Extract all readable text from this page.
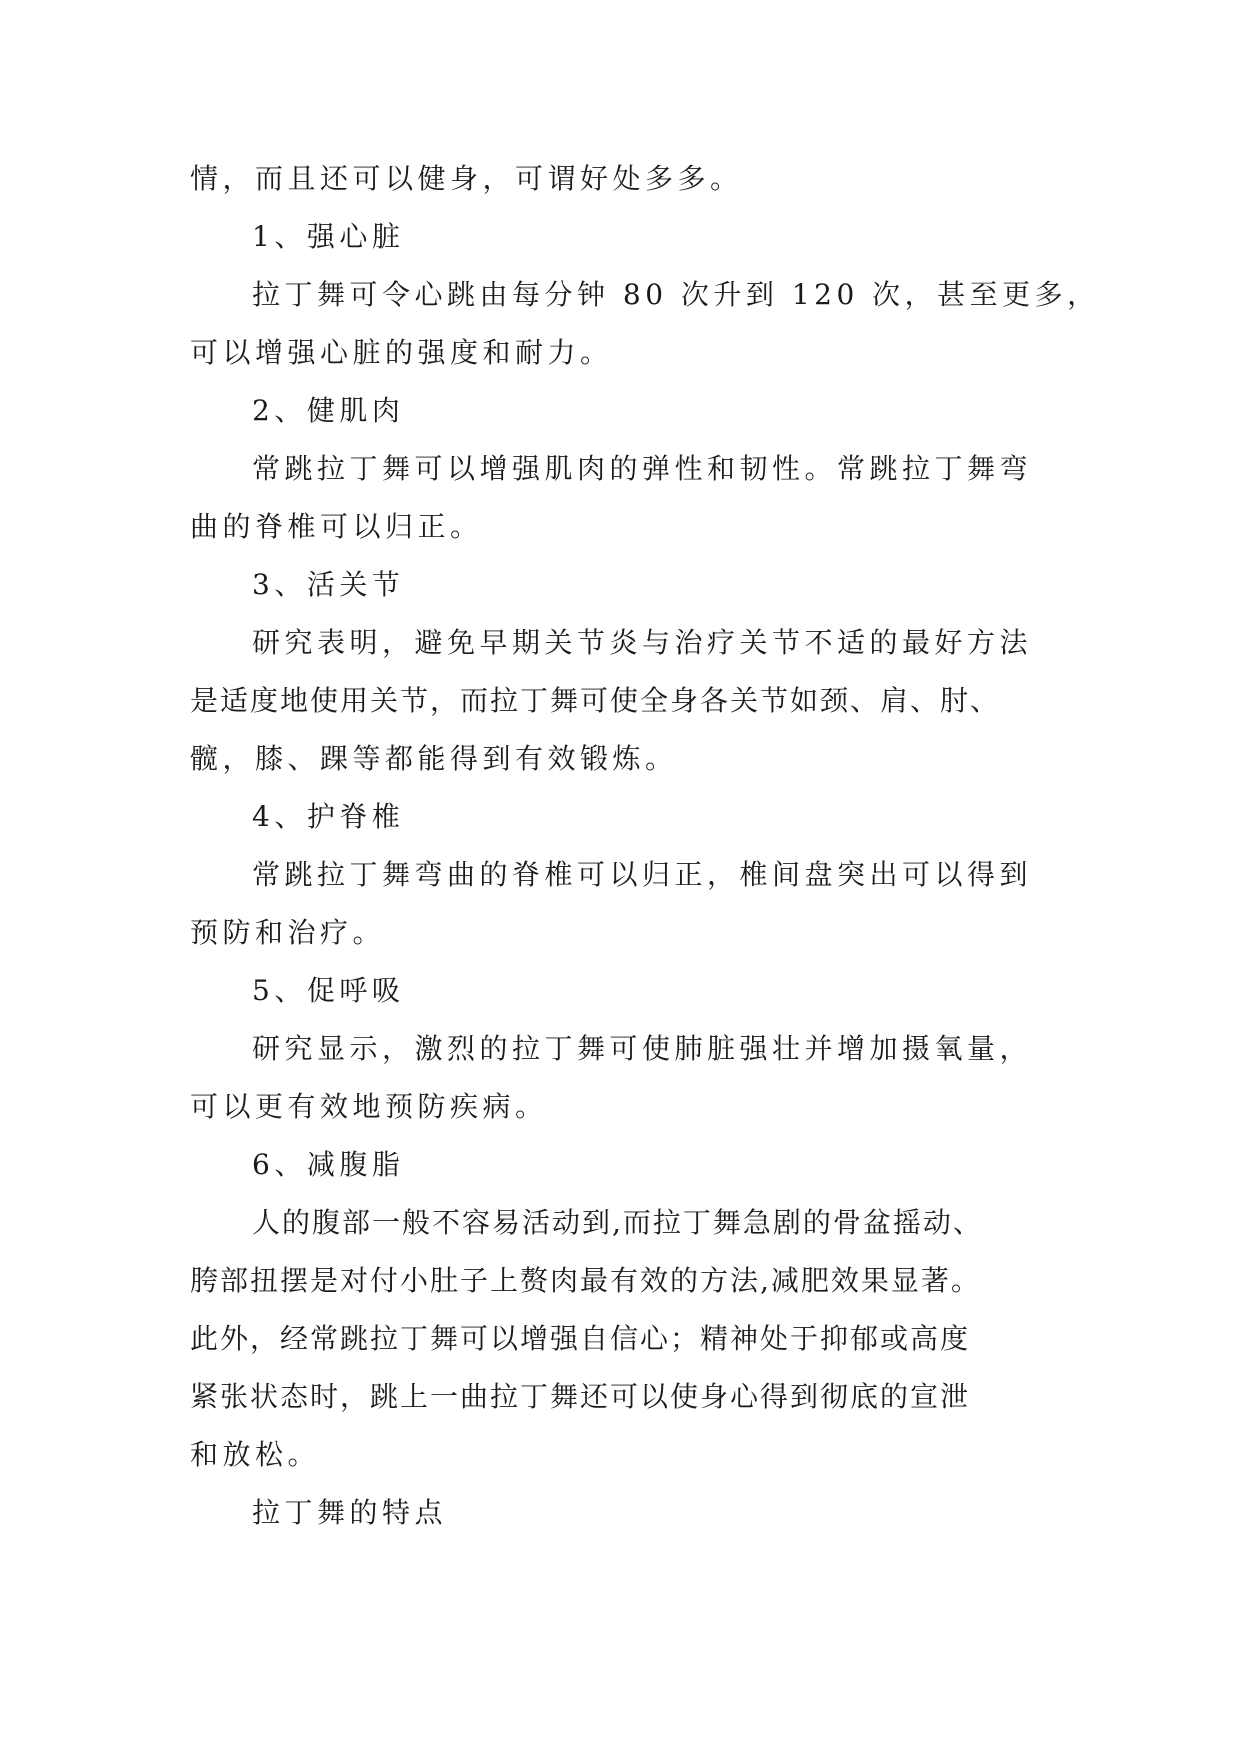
情，而且还可以健身，可谓好处多多。
1、强心脏
拉丁舞可令心跳由每分钟 80 次升到 120 次，甚至更多，
可以增强心脏的强度和耐力。
2、健肌肉
常跳拉丁舞可以增强肌肉的弹性和韧性。常跳拉丁舞弯
曲的脊椎可以归正。
3、活关节
研究表明，避免早期关节炎与治疗关节不适的最好方法
是适度地使用关节，而拉丁舞可使全身各关节如颈、肩、肘、
髋，膝、踝等都能得到有效锻炼。
4、护脊椎
常跳拉丁舞弯曲的脊椎可以归正，椎间盘突出可以得到
预防和治疗。
5、促呼吸
研究显示，激烈的拉丁舞可使肺脏强壮并增加摄氧量，
可以更有效地预防疾病。
6、减腹脂
人的腹部一般不容易活动到,而拉丁舞急剧的骨盆摇动、
胯部扭摆是对付小肚子上赘肉最有效的方法,减肥效果显著。
此外，经常跳拉丁舞可以增强自信心；精神处于抑郁或高度
紧张状态时，跳上一曲拉丁舞还可以使身心得到彻底的宣泄
和放松。
拉丁舞的特点
